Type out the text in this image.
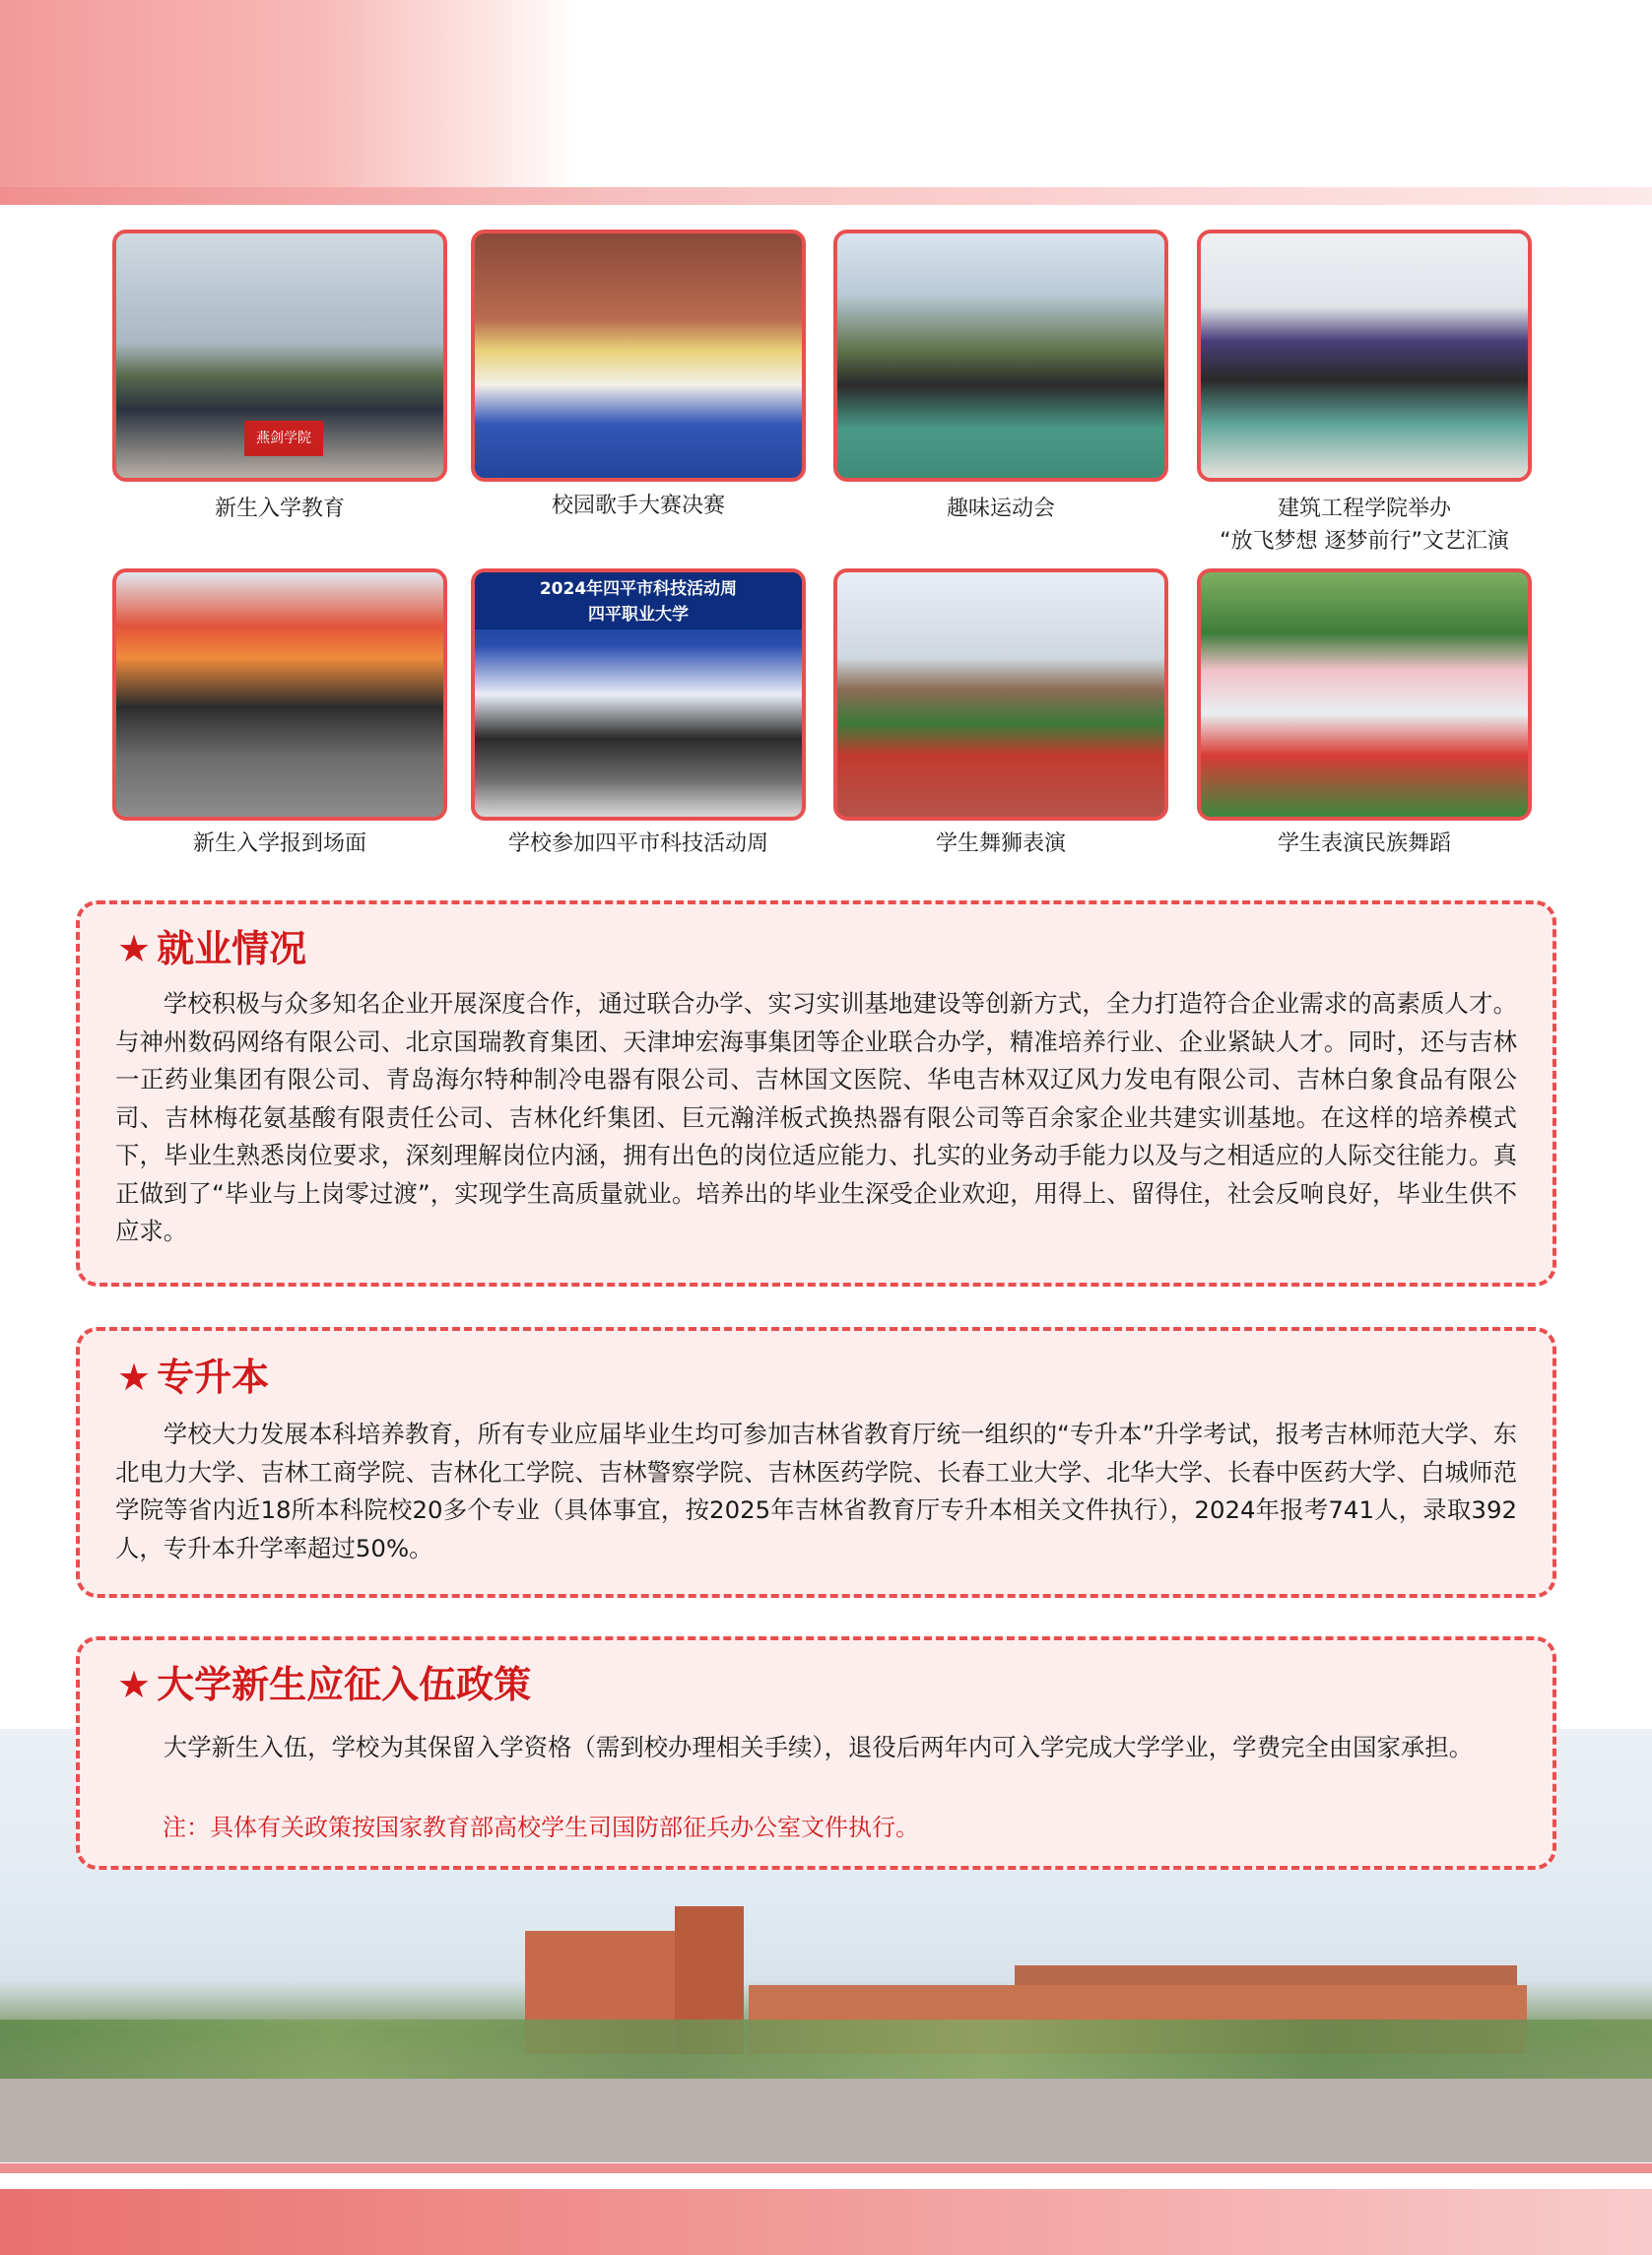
燕剑学院
新生入学教育	校园歌手大赛决赛	趣味运动会	建筑工程学院举办
“放飞梦想 逐梦前行”文艺汇演
新生入学报到场面
2024年四平市科技活动周
四平职业大学
学校参加四平市科技活动周	学生舞狮表演	学生表演民族舞蹈
★ 就业情况
学校积极与众多知名企业开展深度合作，通过联合办学、实习实训基地建设等创新方式，全力打造符合企业需求的高素质人才。与神州数码网络有限公司、北京国瑞教育集团、天津坤宏海事集团等企业联合办学，精准培养行业、企业紧缺人才。同时，还与吉林一正药业集团有限公司、青岛海尔特种制冷电器有限公司、吉林国文医院、华电吉林双辽风力发电有限公司、吉林白象食品有限公司、吉林梅花氨基酸有限责任公司、吉林化纤集团、巨元瀚洋板式换热器有限公司等百余家企业共建实训基地。在这样的培养模式下，毕业生熟悉岗位要求，深刻理解岗位内涵，拥有出色的岗位适应能力、扎实的业务动手能力以及与之相适应的人际交往能力。真正做到了“毕业与上岗零过渡”，实现学生高质量就业。培养出的毕业生深受企业欢迎，用得上、留得住，社会反响良好，毕业生供不应求。
★ 专升本
学校大力发展本科培养教育，所有专业应届毕业生均可参加吉林省教育厅统一组织的“专升本”升学考试，报考吉林师范大学、东北电力大学、吉林工商学院、吉林化工学院、吉林警察学院、吉林医药学院、长春工业大学、北华大学、长春中医药大学、白城师范学院等省内近18所本科院校20多个专业（具体事宜，按2025年吉林省教育厅专升本相关文件执行），2024年报考741人，录取392人，专升本升学率超过50%。
★ 大学新生应征入伍政策
大学新生入伍，学校为其保留入学资格（需到校办理相关手续），退役后两年内可入学完成大学学业，学费完全由国家承担。
注：具体有关政策按国家教育部高校学生司国防部征兵办公室文件执行。
